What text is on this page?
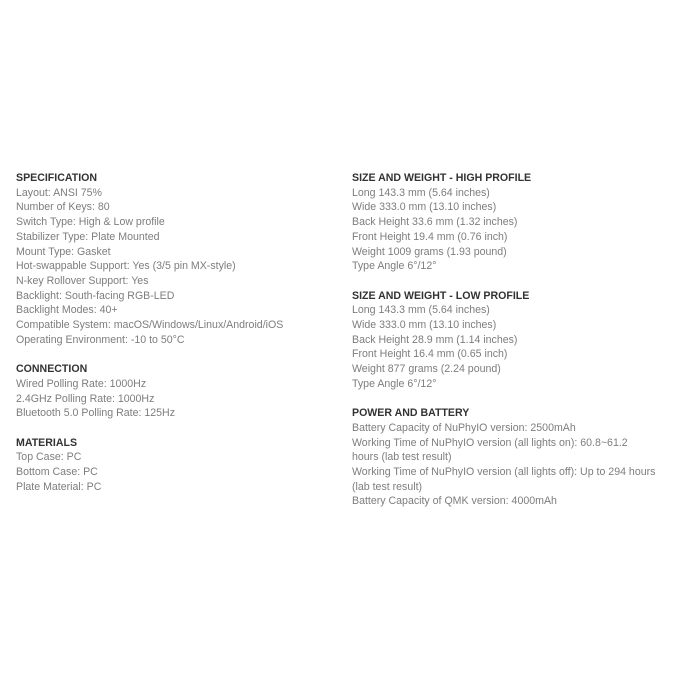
SPECIFICATION
Layout: ANSI 75%
Number of Keys: 80
Switch Type: High & Low profile
Stabilizer Type: Plate Mounted
Mount Type: Gasket
Hot-swappable Support: Yes (3/5 pin MX-style)
N-key Rollover Support: Yes
Backlight: South-facing RGB-LED
Backlight Modes: 40+
Compatible System: macOS/Windows/Linux/Android/iOS
Operating Environment: -10 to 50°C
CONNECTION
Wired Polling Rate: 1000Hz
2.4GHz Polling Rate: 1000Hz
Bluetooth 5.0 Polling Rate: 125Hz
MATERIALS
Top Case: PC
Bottom Case: PC
Plate Material: PC
SIZE AND WEIGHT - HIGH PROFILE
Long 143.3 mm (5.64 inches)
Wide 333.0 mm (13.10 inches)
Back Height 33.6 mm (1.32 inches)
Front Height 19.4 mm (0.76 inch)
Weight 1009 grams (1.93 pound)
Type Angle 6°/12°
SIZE AND WEIGHT - LOW PROFILE
Long 143.3 mm (5.64 inches)
Wide 333.0 mm (13.10 inches)
Back Height 28.9 mm (1.14 inches)
Front Height 16.4 mm (0.65 inch)
Weight 877 grams (2.24 pound)
Type Angle 6°/12°
POWER AND BATTERY
Battery Capacity of NuPhyIO version: 2500mAh
Working Time of NuPhyIO version (all lights on): 60.8~61.2 hours (lab test result)
Working Time of NuPhyIO version (all lights off): Up to 294 hours (lab test result)
Battery Capacity of QMK version: 4000mAh
